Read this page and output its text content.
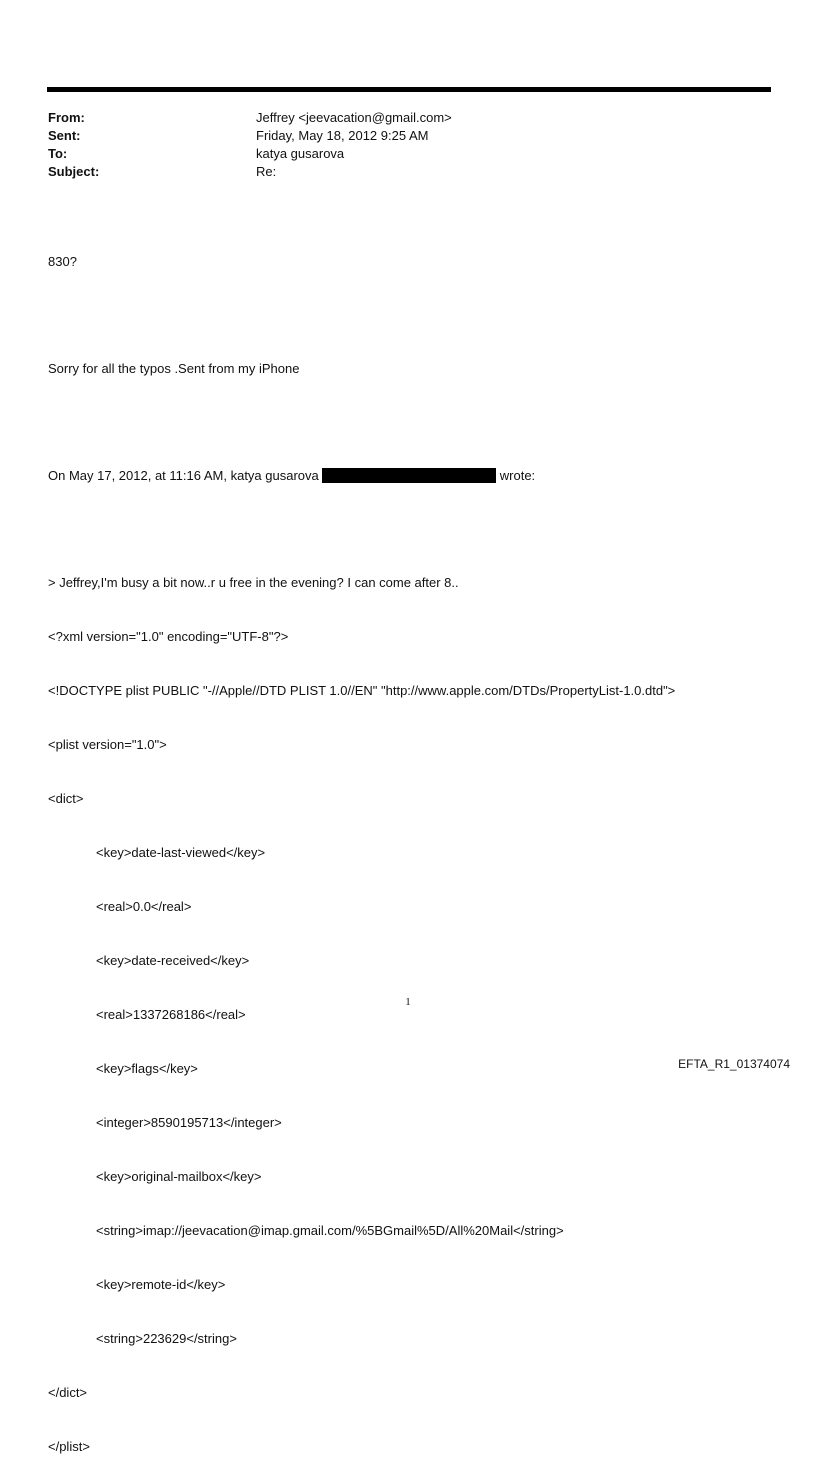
From:	Jeffrey <jeevacation@gmail.com>
Sent:	Friday, May 18, 2012 9:25 AM
To:	katya gusarova
Subject:	Re:

830?

Sorry for all the typos .Sent from my iPhone

On May 17, 2012, at 11:16 AM, katya gusarova	wrote:

> Jeffrey,I'm busy a bit now..r u free in the evening? I can come after 8..

<?xml version="1.0" encoding="UTF-8"?>

<!DOCTYPE plist PUBLIC "-//Apple//DTD PLIST 1.0//EN" "http://www.apple.com/DTDs/PropertyList-1.0.dtd">

<plist version="1.0">

<dict>

<key>date-last-viewed</key>

<real>0.0</real>

<key>date-received</key>

<real>1337268186</real>

<key>flags</key>

<integer>8590195713</integer>

<key>original-mailbox</key>

<string>imap://jeevacation@imap.gmail.com/%5BGmail%5D/All%20Mail</string>

<key>remote-id</key>

<string>223629</string>

</dict>

</plist>

1
EFTA_R1_01374074
